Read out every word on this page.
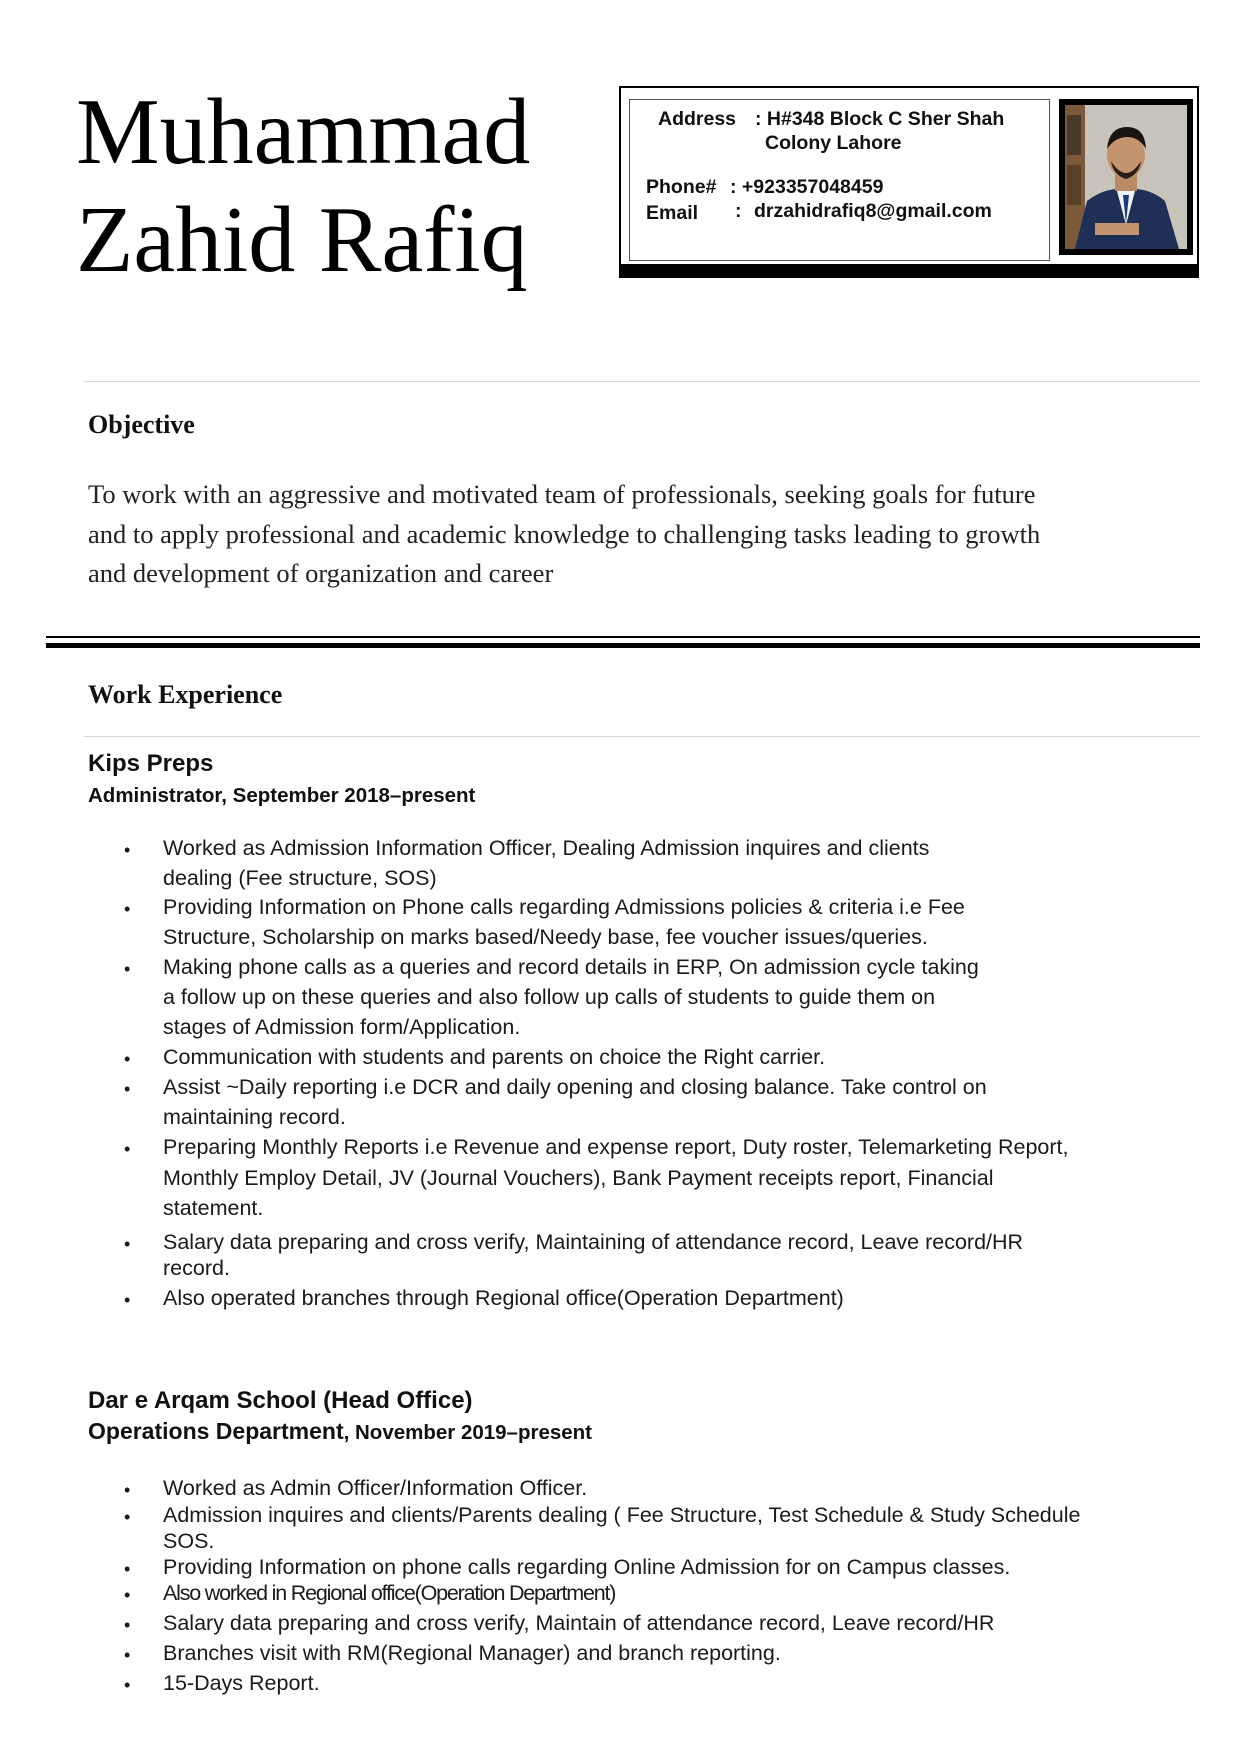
Muhammad
Zahid Rafiq
Address : H#348 Block C Sher Shah
Colony Lahore
Phone# : +923357048459
Email : drzahidrafiq8@gmail.com
Objective
To work with an aggressive and motivated team of professionals, seeking goals for future
and to apply professional and academic knowledge to challenging tasks leading to growth
and development of organization and career
Work Experience
Kips Preps
Administrator, September 2018–present
• Worked as Admission Information Officer, Dealing Admission inquires and clients
dealing (Fee structure, SOS)
• Providing Information on Phone calls regarding Admissions policies & criteria i.e Fee
Structure, Scholarship on marks based/Needy base, fee voucher issues/queries.
• Making phone calls as a queries and record details in ERP, On admission cycle taking
a follow up on these queries and also follow up calls of students to guide them on
stages of Admission form/Application.
• Communication with students and parents on choice the Right carrier.
• Assist ~Daily reporting i.e DCR and daily opening and closing balance. Take control on
maintaining record.
• Preparing Monthly Reports i.e Revenue and expense report, Duty roster, Telemarketing Report,
Monthly Employ Detail, JV (Journal Vouchers), Bank Payment receipts report, Financial
statement.
• Salary data preparing and cross verify, Maintaining of attendance record, Leave record/HR
record.
• Also operated branches through Regional office(Operation Department)
Dar e Arqam School (Head Office)
Operations Department, November 2019–present
• Worked as Admin Officer/Information Officer.
• Admission inquires and clients/Parents dealing ( Fee Structure, Test Schedule & Study Schedule
SOS.
• Providing Information on phone calls regarding Online Admission for on Campus classes.
• Also worked in Regional office(Operation Department)
• Salary data preparing and cross verify, Maintain of attendance record, Leave record/HR
• Branches visit with RM(Regional Manager) and branch reporting.
• 15-Days Report.
